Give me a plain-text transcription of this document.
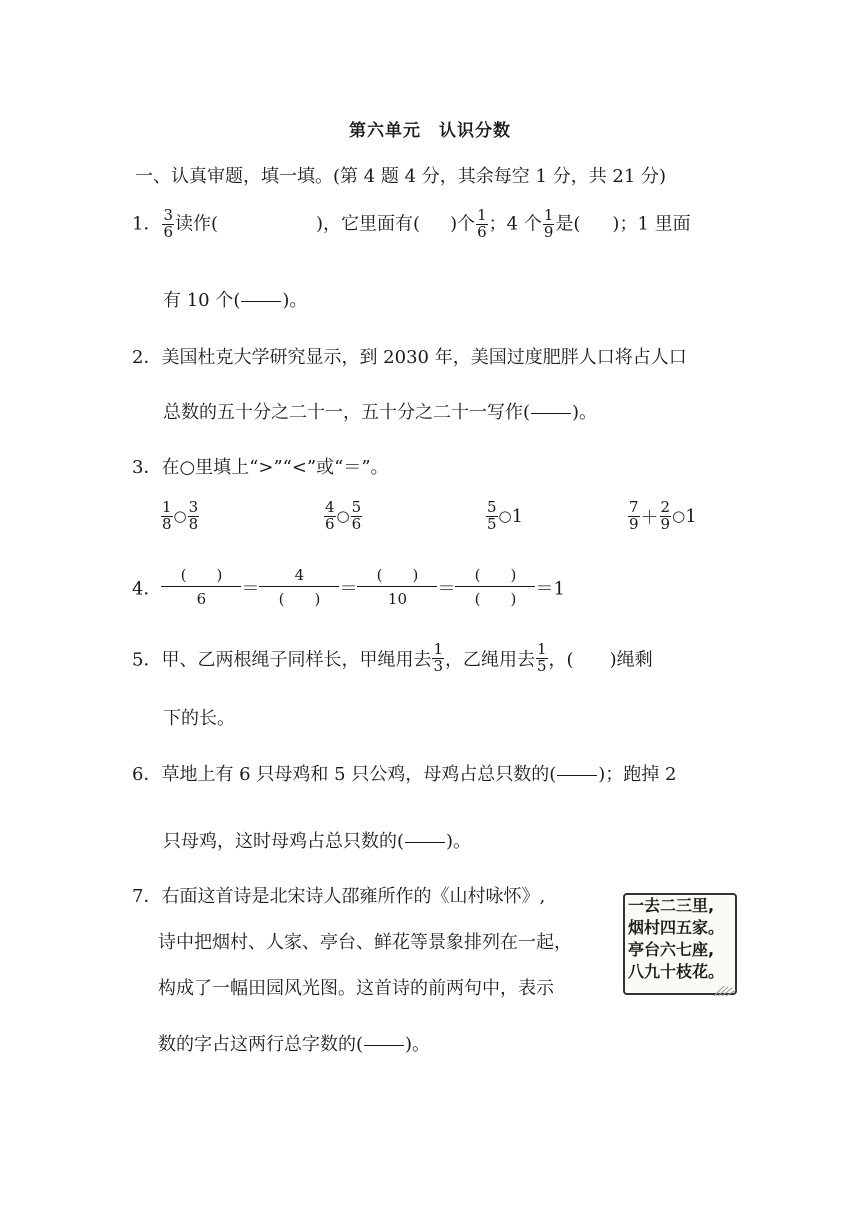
第六单元　认识分数
一、认真审题，填一填。(第 4 题 4 分，其余每空 1 分，共 21 分)
1． $\frac{3}{6}$ 读作(	)，它里面有( )个 $\frac{1}{6}$ ；4 个 $\frac{1}{9}$ 是( )；1 里面
有 10 个( )。
2．美国杜克大学研究显示，到 2030 年，美国过度肥胖人口将占人口
总数的五十分之二十一，五十分之二十一写作( )。
3．在○里填上“>”“<”或“＝”。
$\frac{1}{8}$ ○ $\frac{3}{8}$	$\frac{4}{6}$ ○ $\frac{5}{6}$	$\frac{5}{5}$ ○1	$\frac{7}{9} + \frac{2}{9}$ ○1
4．
(　　)
6	＝
4
(　　)	＝
(　　)
10	＝
(　　)
(　　)	＝1
5．甲、乙两根绳子同样长，甲绳用去 $\frac{1}{3}$ ，乙绳用去 $\frac{1}{5}$ ，(　　)绳剩
下的长。
6．草地上有 6 只母鸡和 5 只公鸡，母鸡占总只数的( )；跑掉 2
只母鸡，这时母鸡占总只数的( )。
7．右面这首诗是北宋诗人邵雍所作的《山村咏怀》,
诗中把烟村、人家、亭台、鲜花等景象排列在一起，
构成了一幅田园风光图。这首诗的前两句中，表示
数的字占这两行总字数的( )。
一去二三里,
烟村四五家。
亭台六七座,
八九十枝花。
